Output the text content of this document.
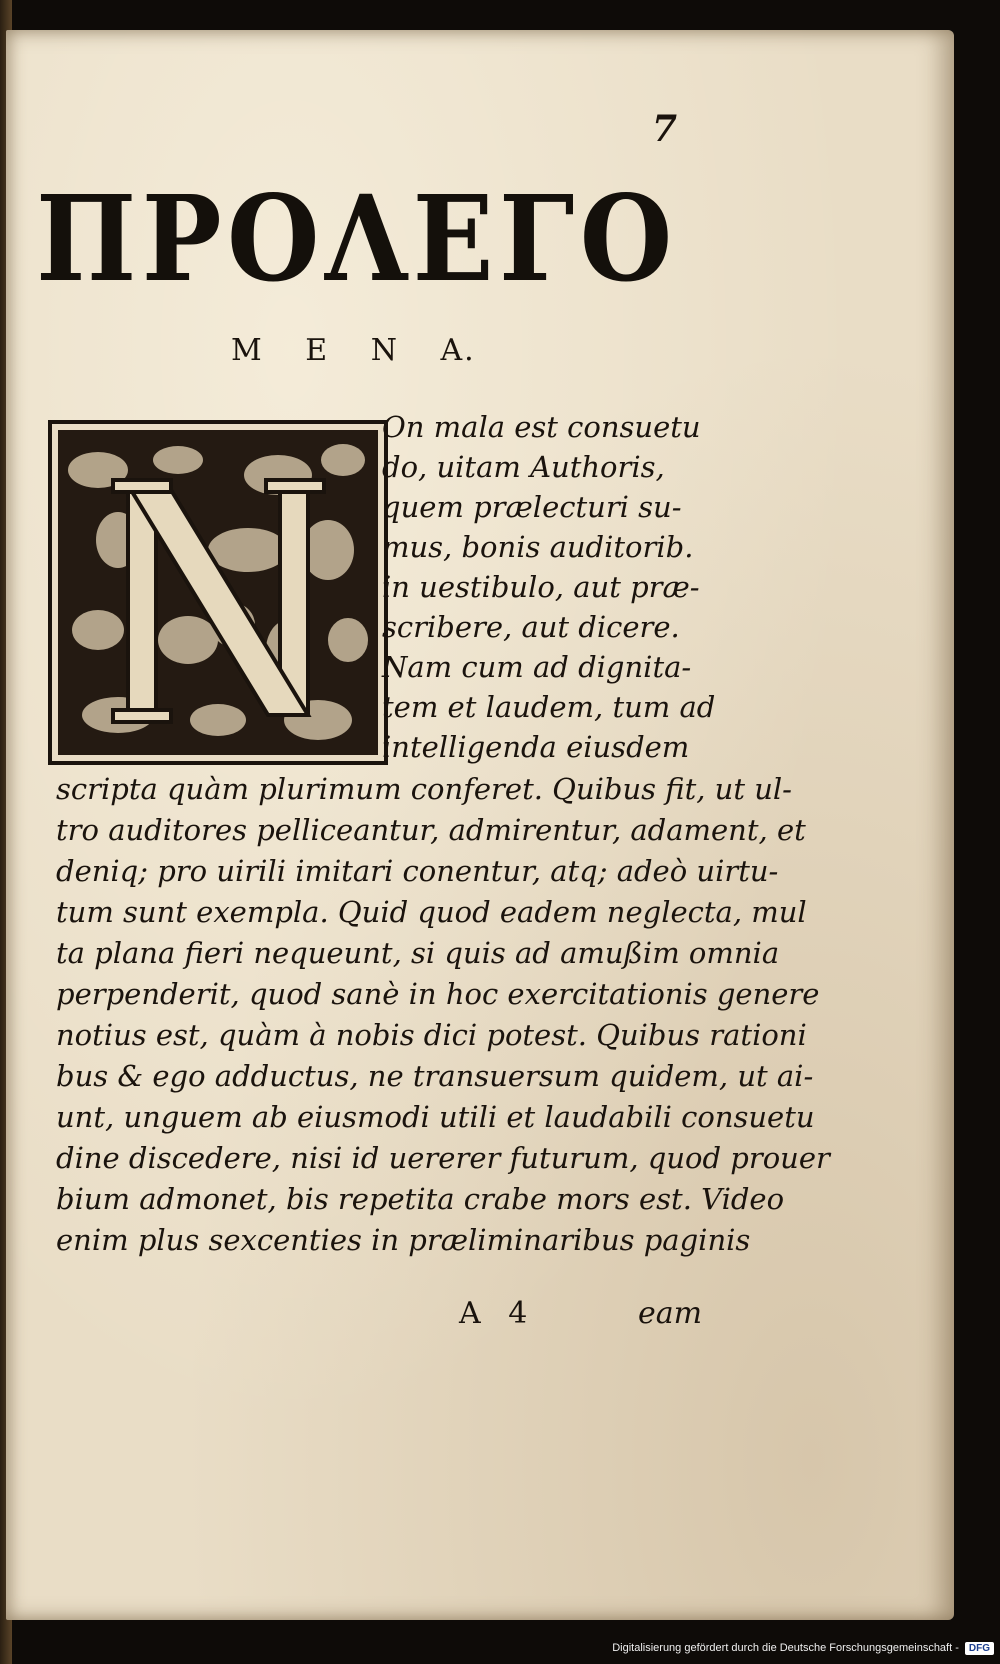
7

ΠΡΟΛΕΓΟ

M E N A.

On mala est consuetu

do, uitam Authoris,

quem prælecturi su-

mus, bonis auditorib.

in uestibulo, aut præ-

scribere, aut dicere.

Nam cum ad dignita-

tem et laudem, tum ad

intelligenda eiusdem

scripta quàm plurimum conferet. Quibus fit, ut ul-

tro auditores pelliceantur, admirentur, adament, et

deniq; pro uirili imitari conentur, atq; adeò uirtu-

tum sunt exempla. Quid quod eadem neglecta, mul

ta plana fieri nequeunt, si quis ad amußim omnia

perpenderit, quod sanè in hoc exercitationis genere

notius est, quàm à nobis dici potest. Quibus rationi

bus & ego adductus, ne transuersum quidem, ut ai-

unt, unguem ab eiusmodi utili et laudabili consuetu

dine discedere, nisi id uererer futurum, quod prouer

bium admonet, bis repetita crabe mors est. Video

enim plus sexcenties in præliminaribus paginis

A 4	eam

Digitalisierung gefördert durch die Deutsche Forschungsgemeinschaft -	DFG
